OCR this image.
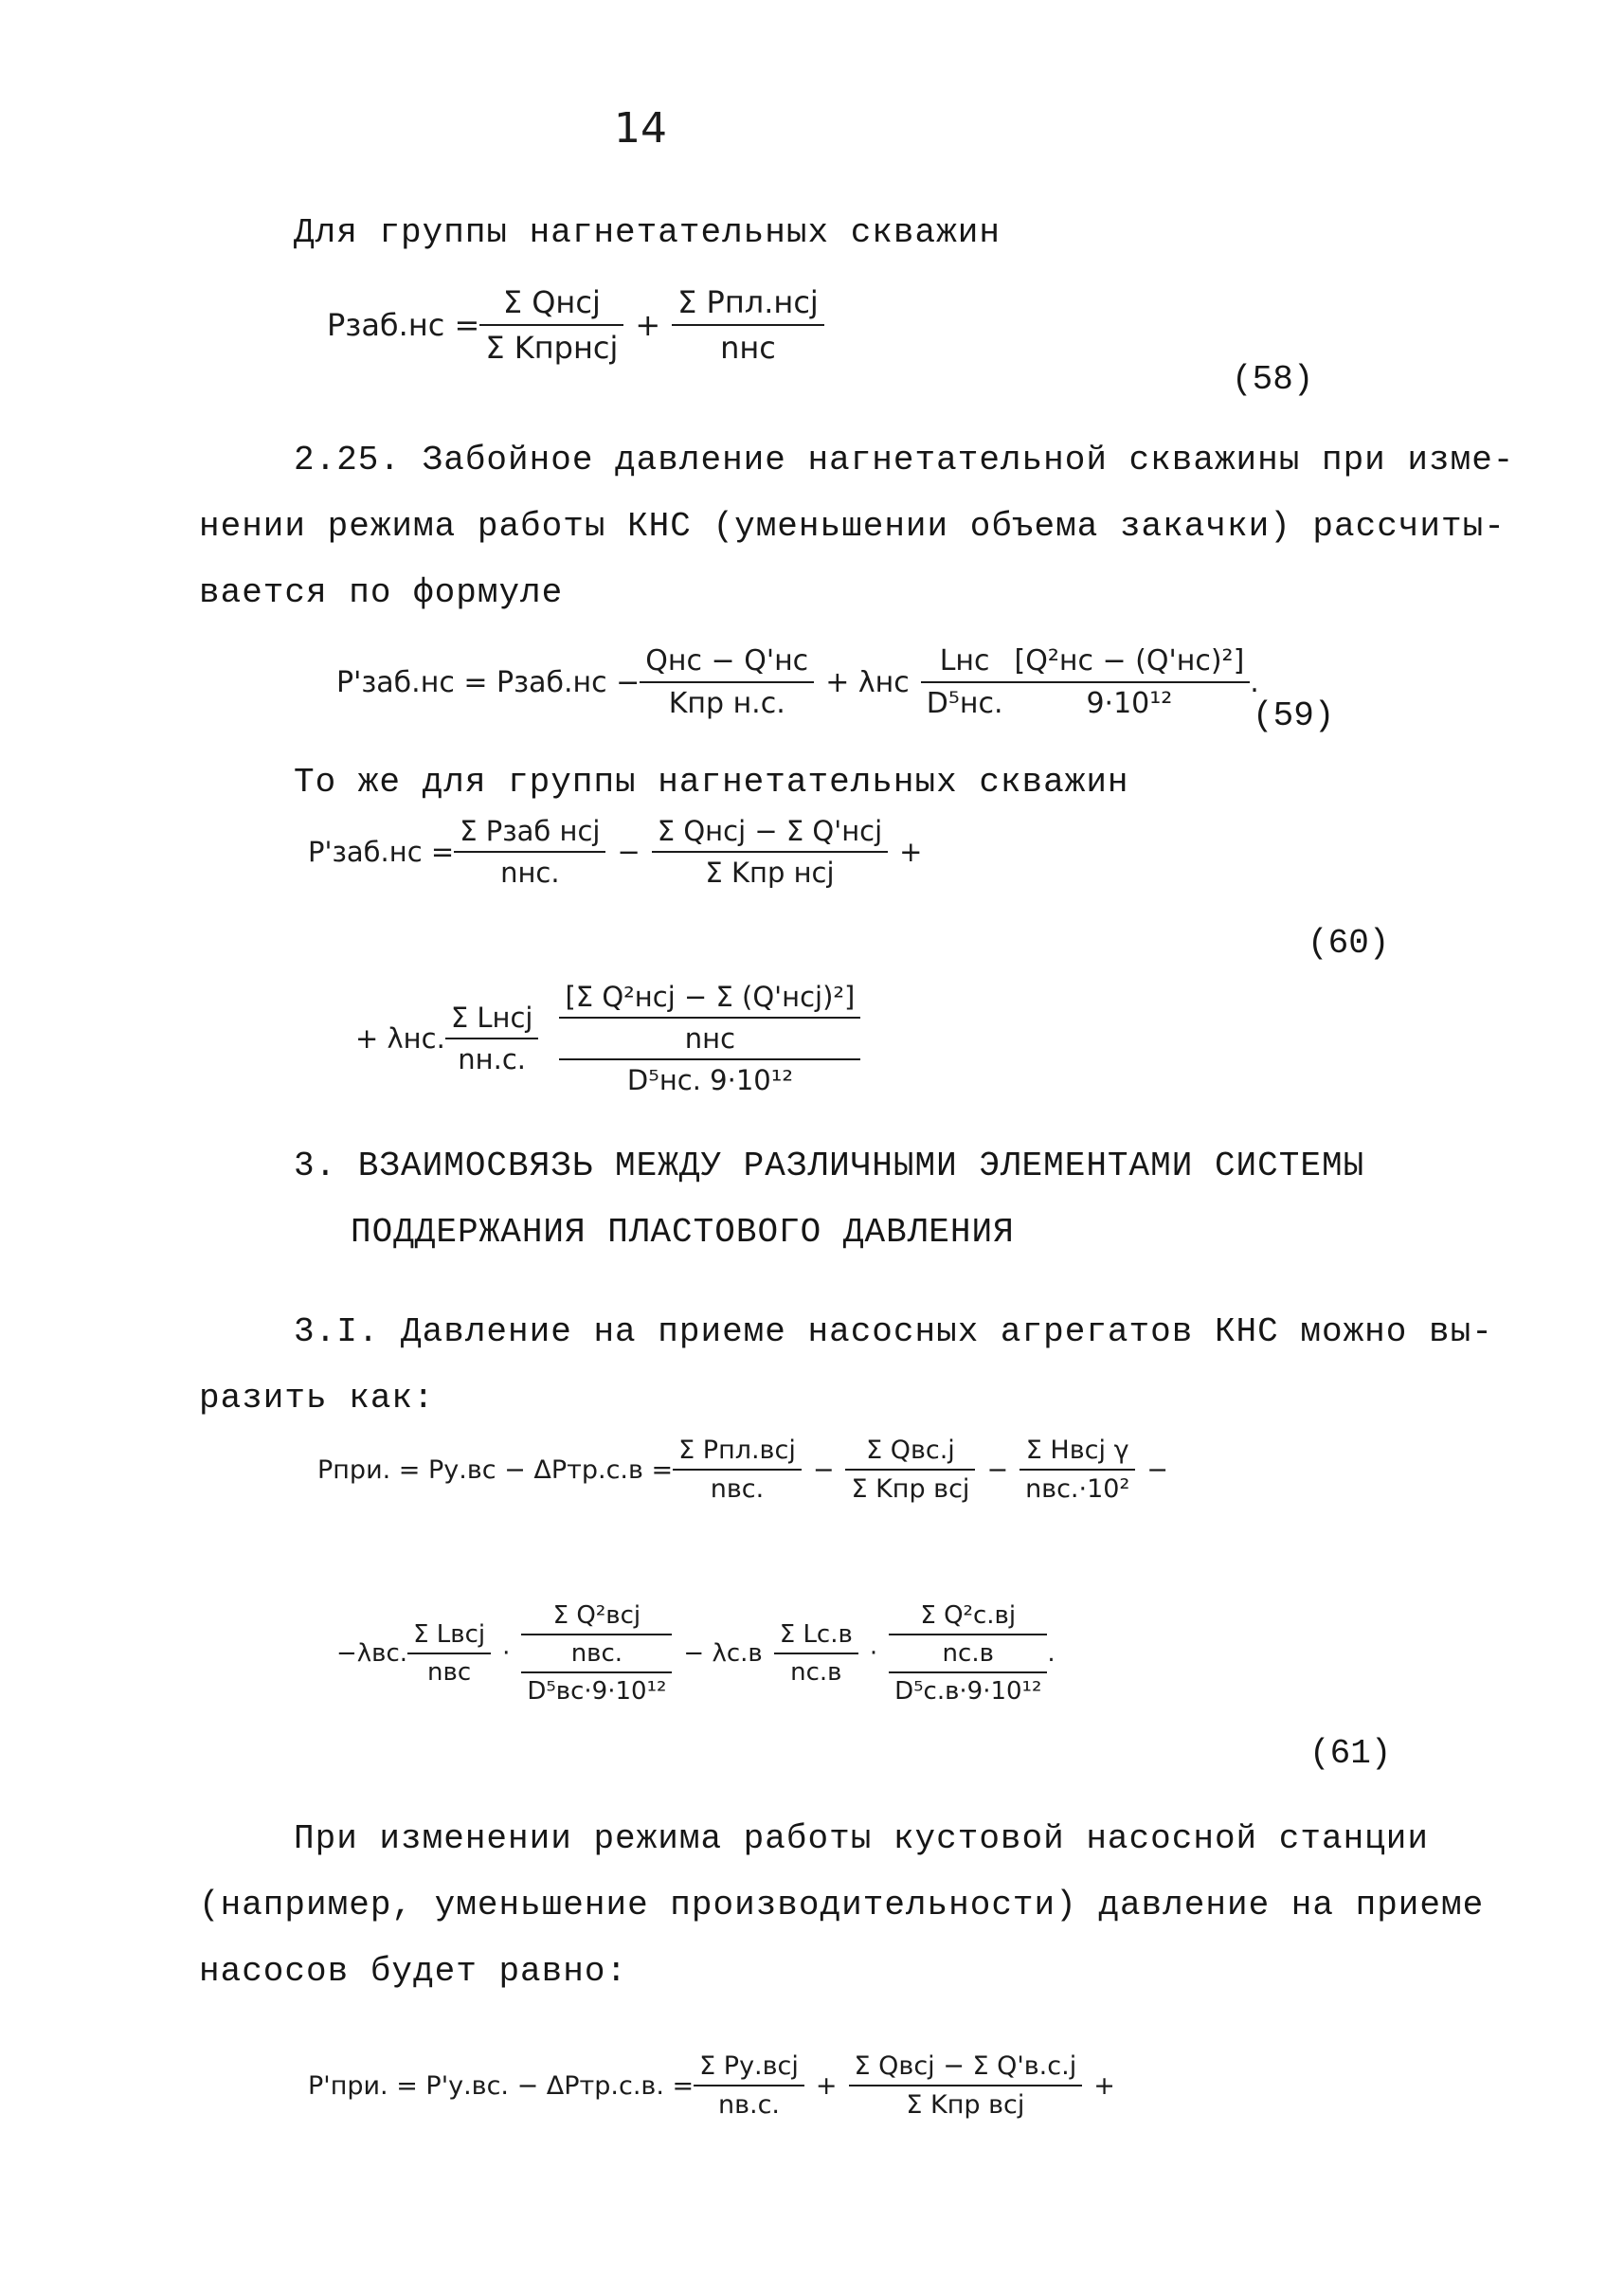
14
Для группы нагнетательных скважин
Pзаб.нс = $\frac{\text{Σ Qнсj}}{\text{Σ Kпрнсj}} + \frac{\text{Σ Pпл.нсj}}{\text{nнс}}$
(58)
2.25. Забойное давление нагнетательной скважины при изме-
нении режима работы КНС (уменьшении объема закачки) рассчиты-
вается по формуле
P'заб.нс = Pзаб.нс − $\frac{\text{Qнс − Q'нс}}{\text{Kпр н.с.}} + \lambda нс \frac{\text{Lнс}}{\text{D⁵нс.}} \frac{\text{[Q²нс − (Q'нс)²]}}{\text{9·10¹²}}$ .
(59)
То же для группы нагнетательных скважин
$P'заб.нс = \frac{\text{Σ Pзаб нсj}}{\text{nнс.}} - \frac{\text{Σ Qнсj − Σ Q'нсj}}{\text{Σ Kпр нсj}}$ +
(60)
+ λнс. $\frac{\text{Σ Lнсj}}{nн.с.}$
[Σ Q²нсj − Σ (Q'нсj)²]
nнс
D⁵нс. 9·10¹²
3. ВЗАИМОСВЯЗЬ МЕЖДУ РАЗЛИЧНЫМИ ЭЛЕМЕНТАМИ СИСТЕМЫ
ПОДДЕРЖАНИЯ ПЛАСТОВОГО ДАВЛЕНИЯ
3.I. Давление на приеме насосных агрегатов КНС можно вы-
разить как:
Pпри. = $Pу.вс - \Delta Pтр.с.в = \frac{\text{Σ Pпл.всj}}{\text{nвс.}} - \frac{\text{Σ Qвс.j}}{\text{Σ Kпр всj}} - \frac{\text{Σ Hвсj γ}}{\text{nвс.·10²}}$ −
−λвс. $\frac{\text{Σ Lвсj}}{\text{nвс}}$ ·
Σ Q²всj
nвс.
D⁵вс·9·10¹²
− $\lambda с.в \frac{\text{Σ Lс.в}}{nс.в}$ ·
Σ Q²с.вj
nс.в
D⁵с.в·9·10¹²
.
(61)
При изменении режима работы кустовой насосной станции
(например, уменьшение производительности) давление на приеме
насосов будет равно:
P'при. = P'у.вс. − ΔPтр.с.в. = $\frac{\text{Σ Pу.всj}}{nв.с.} + \frac{\text{Σ Qвсj − Σ Q'в.с.j}}{\text{Σ Kпр всj}}$ +
